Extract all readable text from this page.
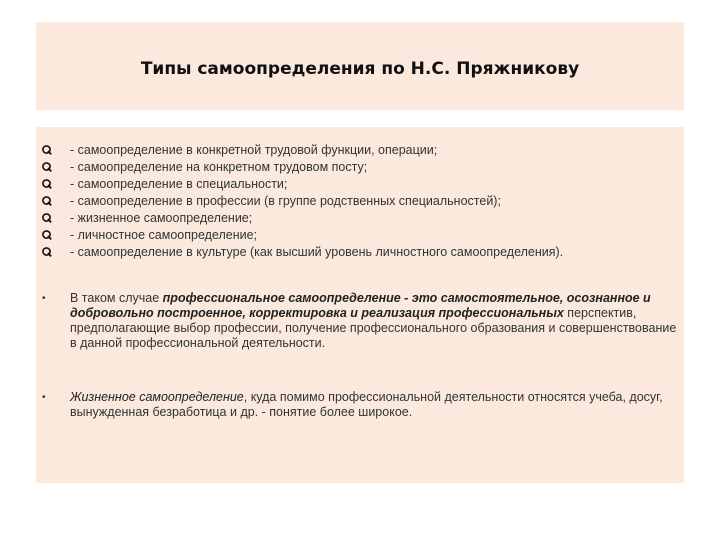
Типы самоопределения по Н.С. Пряжникову
- самоопределение в конкретной трудовой функции, операции;
- самоопределение на конкретном трудовом посту;
- самоопределение в специальности;
- самоопределение в профессии (в группе родственных специальностей);
- жизненное самоопределение;
- личностное самоопределение;
- самоопределение в культуре (как высший уровень личностного самоопределения).
• В таком случае профессиональное самоопределение - это самостоятельное, осознанное и добровольно построенное, корректировка и реализация профессиональных перспектив, предполагающие выбор профессии, получение профессионального образования и совершенствование в данной профессиональной деятельности.

• Жизненное самоопределение, куда помимо профессиональной деятельности относятся учеба, досуг, вынужденная безработица и др. - понятие более широкое.
